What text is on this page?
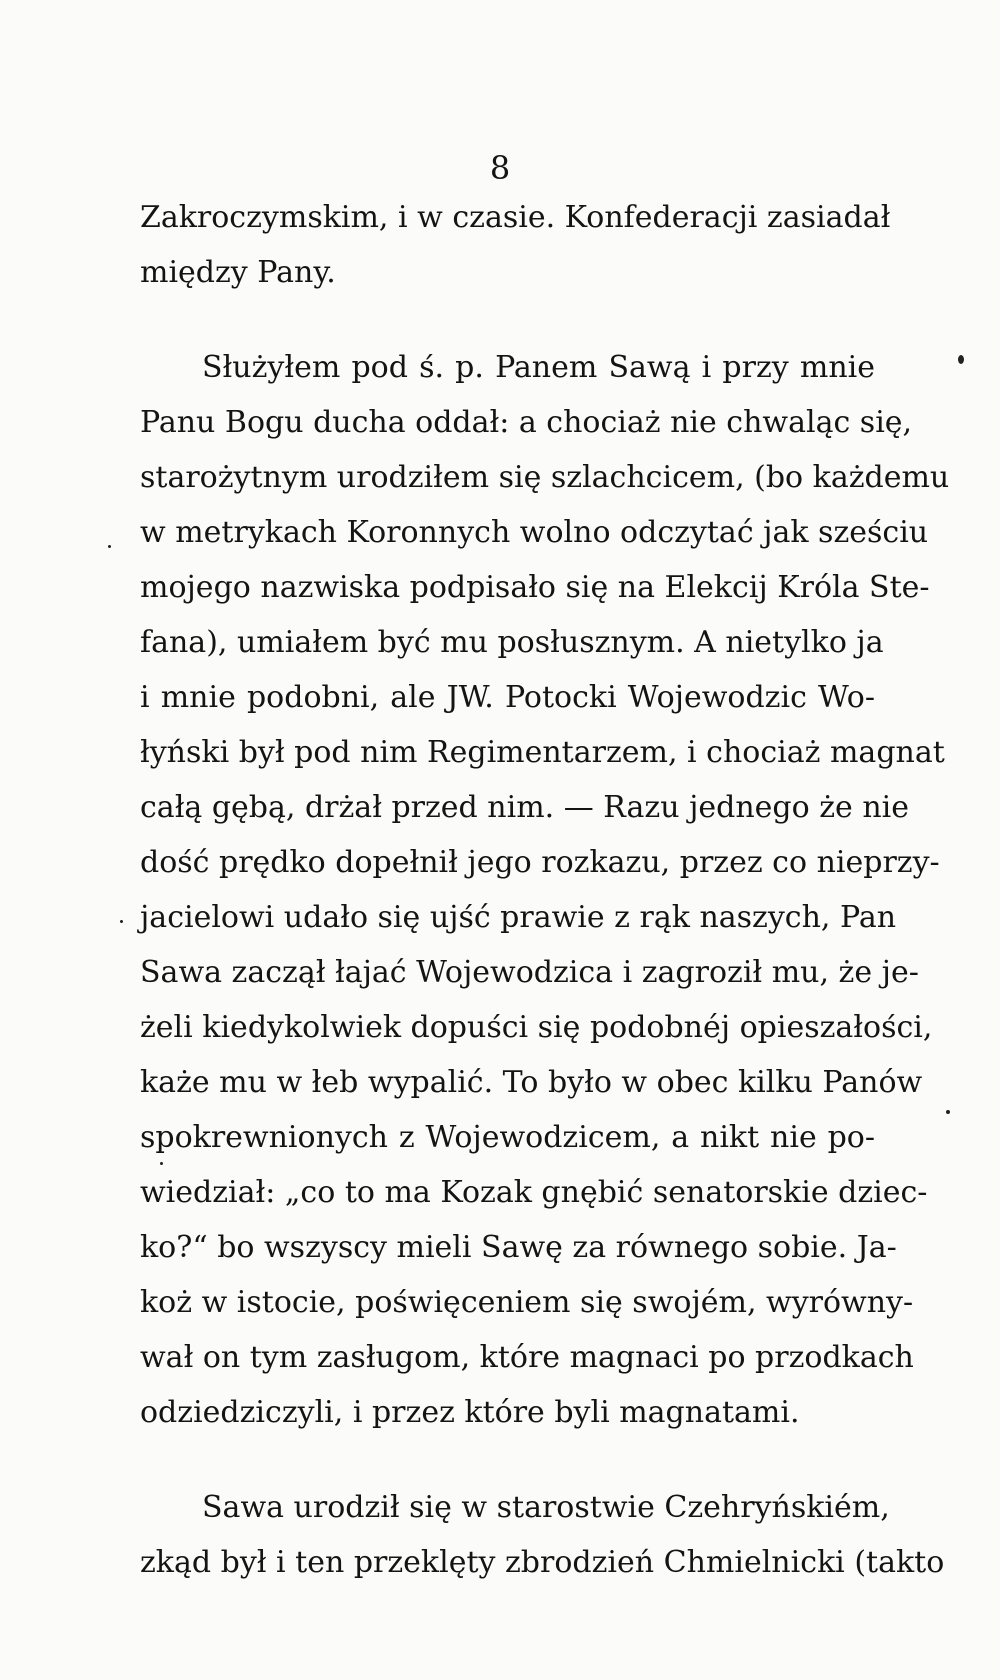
8
Zakroczymskim, i w czasie. Konfederacji zasiadał
między Pany.
Służyłem pod ś. p. Panem Sawą i przy mnie
Panu Bogu ducha oddał: a chociaż nie chwaląc się,
starożytnym urodziłem się szlachcicem, (bo każdemu
w metrykach Koronnych wolno odczytać jak sześciu
mojego nazwiska podpisało się na Elekcij Króla Ste-
fana), umiałem być mu posłusznym. A nietylko ja
i mnie podobni, ale JW. Potocki Wojewodzic Wo-
łyński był pod nim Regimentarzem, i chociaż magnat
całą gębą, drżał przed nim. — Razu jednego że nie
dość prędko dopełnił jego rozkazu, przez co nieprzy-
jacielowi udało się ujść prawie z rąk naszych, Pan
Sawa zaczął łajać Wojewodzica i zagroził mu, że je-
żeli kiedykolwiek dopuści się podobnéj opieszałości,
każe mu w łeb wypalić. To było w obec kilku Panów
spokrewnionych z Wojewodzicem, a nikt nie po-
wiedział: „co to ma Kozak gnębić senatorskie dziec-
ko?“ bo wszyscy mieli Sawę za równego sobie. Ja-
koż w istocie, poświęceniem się swojém, wyrówny-
wał on tym zasługom, które magnaci po przodkach
odziedziczyli, i przez które byli magnatami.
Sawa urodził się w starostwie Czehryńskiém,
zkąd był i ten przeklęty zbrodzień Chmielnicki (takto
